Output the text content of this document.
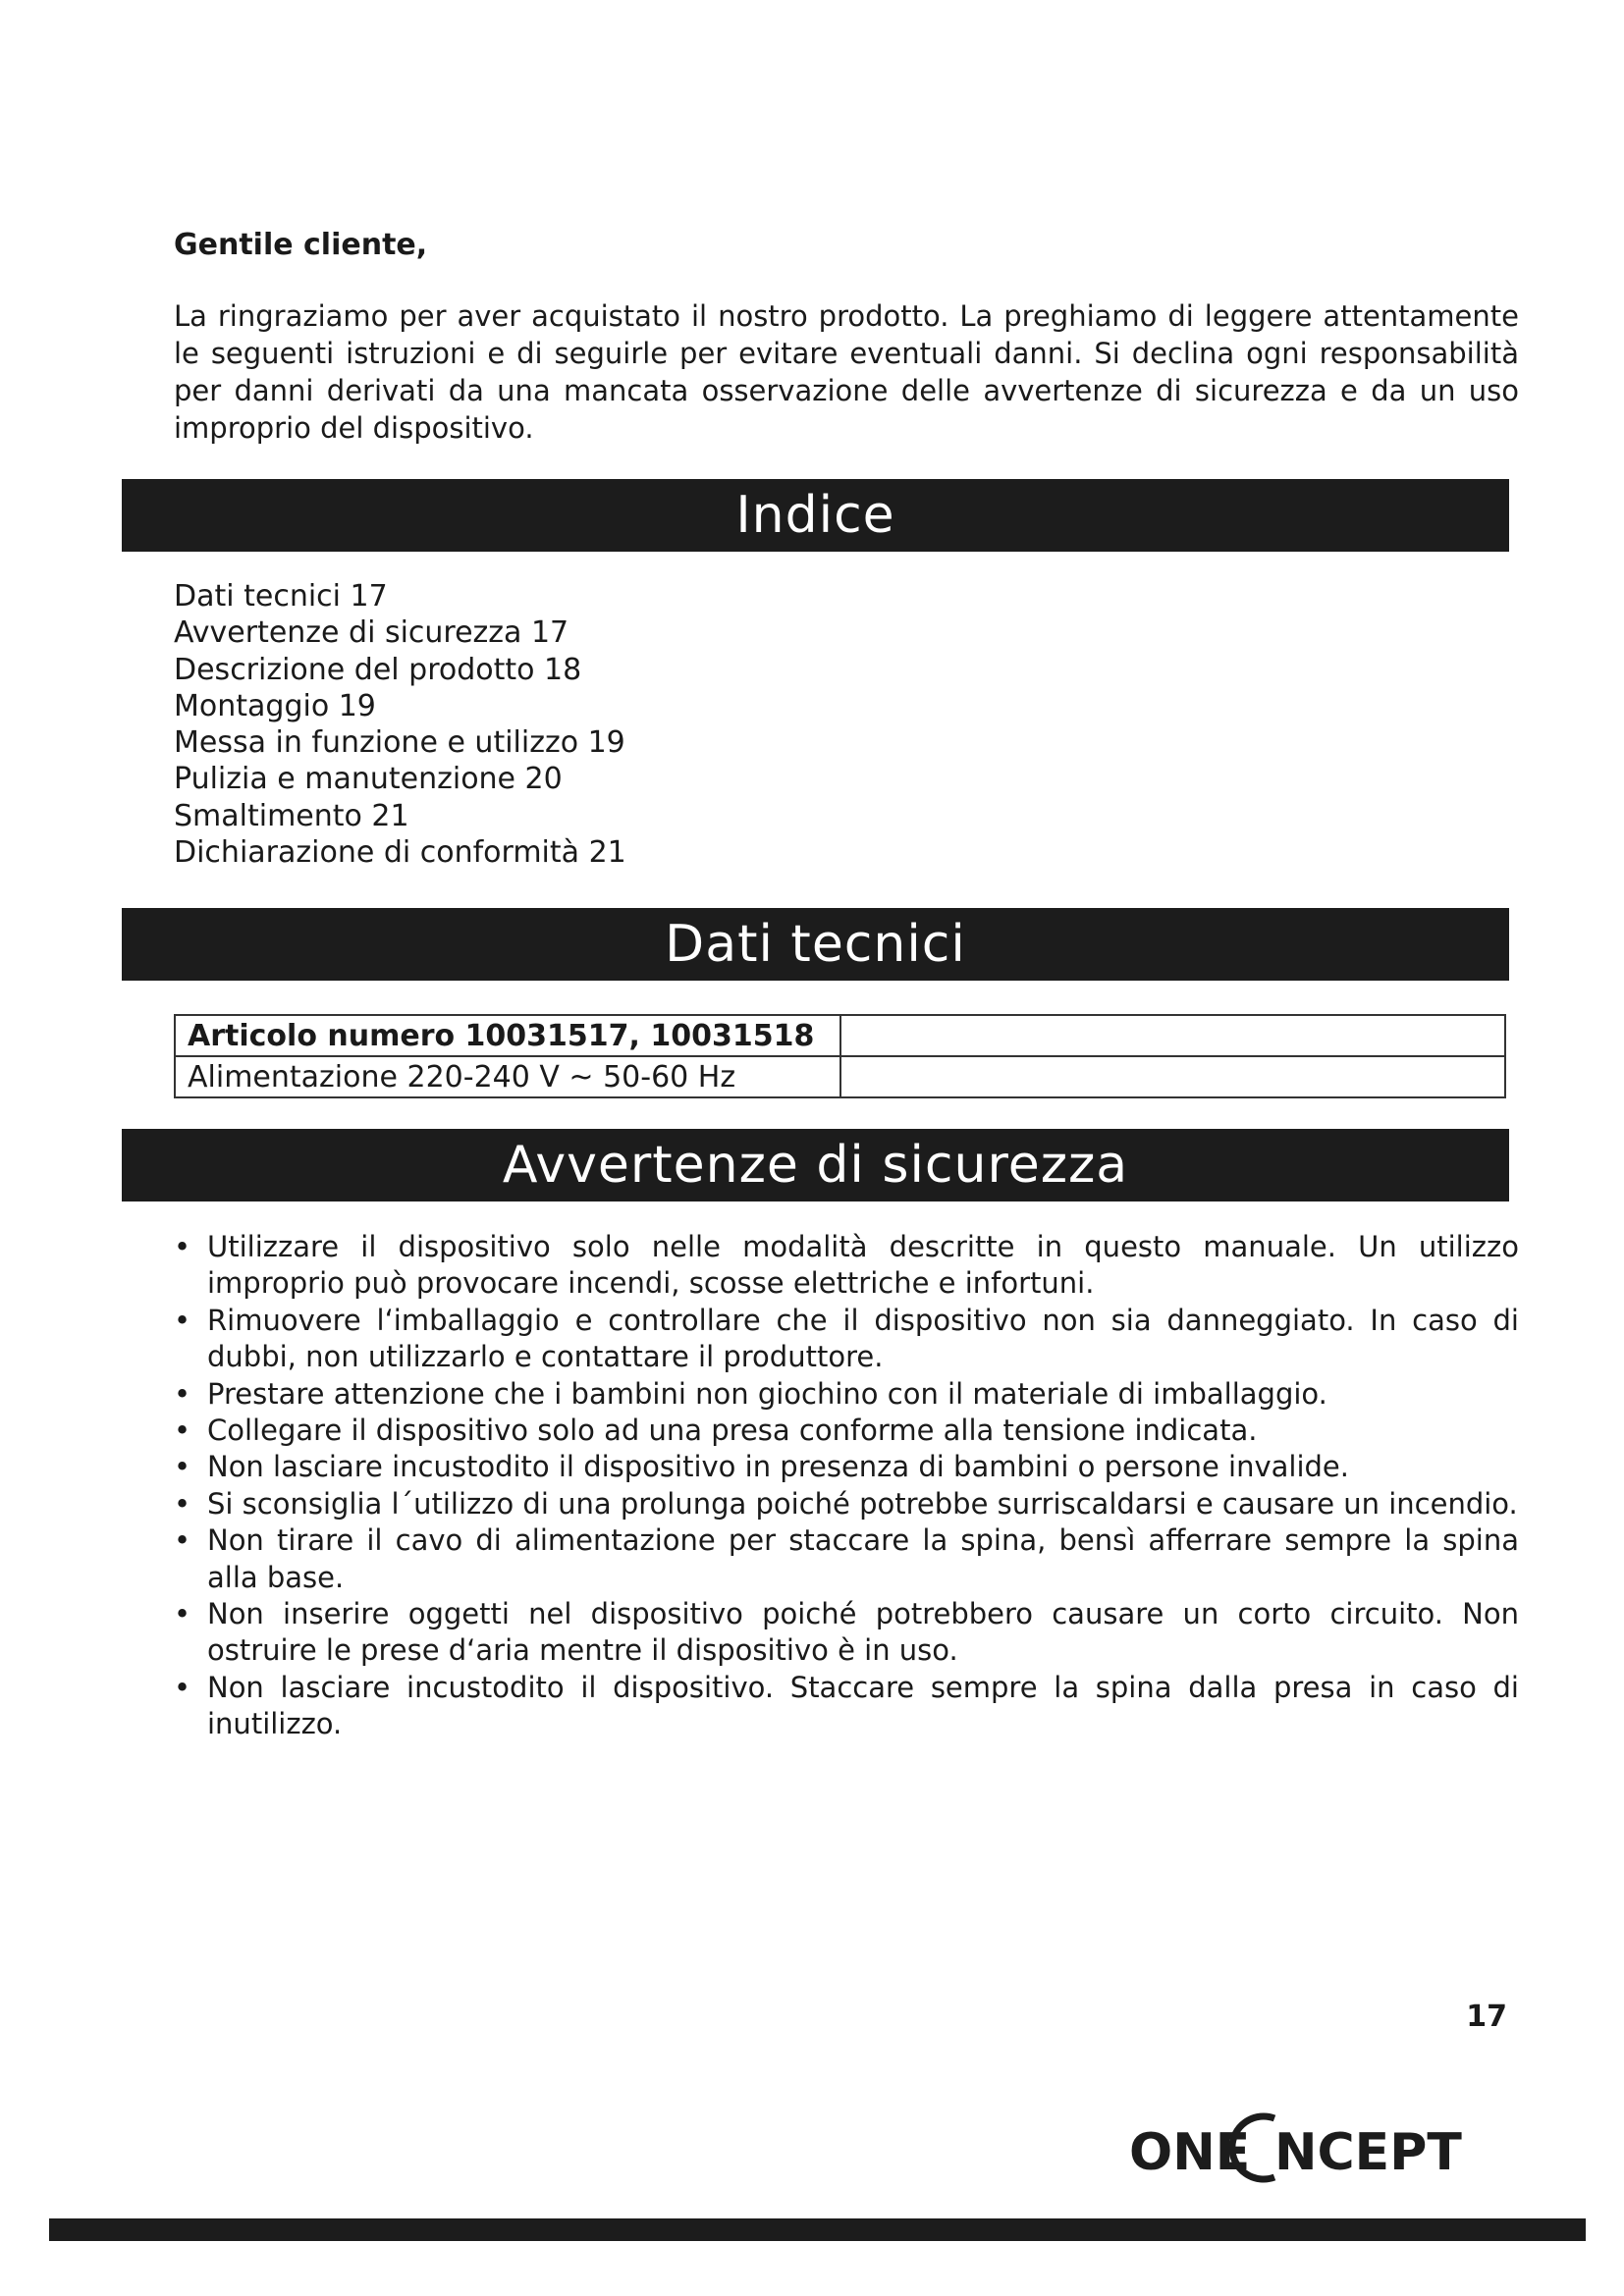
Gentile cliente,

La ringraziamo per aver acquistato il nostro prodotto. La preghiamo di leggere attentamente le seguenti istruzioni e di seguirle per evitare eventuali danni. Si declina ogni responsabilità per danni derivati da una mancata osservazione delle avvertenze di sicurezza e da un uso improprio del dispositivo.

Indice
Dati tecnici 17
Avvertenze di sicurezza 17
Descrizione del prodotto 18
Montaggio 19
Messa in funzione e utilizzo 19
Pulizia e manutenzione 20
Smaltimento 21
Dichiarazione di conformità 21
Dati tecnici
Articolo numero 10031517, 10031518	
Alimentazione 220-240 V ~ 50-60 Hz	
Avvertenze di sicurezza
• Utilizzare il dispositivo solo nelle modalità descritte in questo manuale. Un utilizzo improprio può provocare incendi, scosse elettriche e infortuni.
• Rimuovere l‘imballaggio e controllare che il dispositivo non sia danneggiato. In caso di dubbi, non utilizzarlo e contattare il produttore.
• Prestare attenzione che i bambini non giochino con il materiale di imballaggio.
• Collegare il dispositivo solo ad una presa conforme alla tensione indicata.
• Non lasciare incustodito il dispositivo in presenza di bambini o persone invalide.
• Si sconsiglia l´utilizzo di una prolunga poiché potrebbe surriscaldarsi e causare un incendio.
• Non tirare il cavo di alimentazione per staccare la spina, bensì afferrare sempre la spina alla base.
• Non inserire oggetti nel dispositivo poiché potrebbero causare un corto circuito. Non ostruire le prese d‘aria mentre il dispositivo è in uso.
• Non lasciare incustodito il dispositivo. Staccare sempre la spina dalla presa in caso di inutilizzo.
17
ONE NCEPT
